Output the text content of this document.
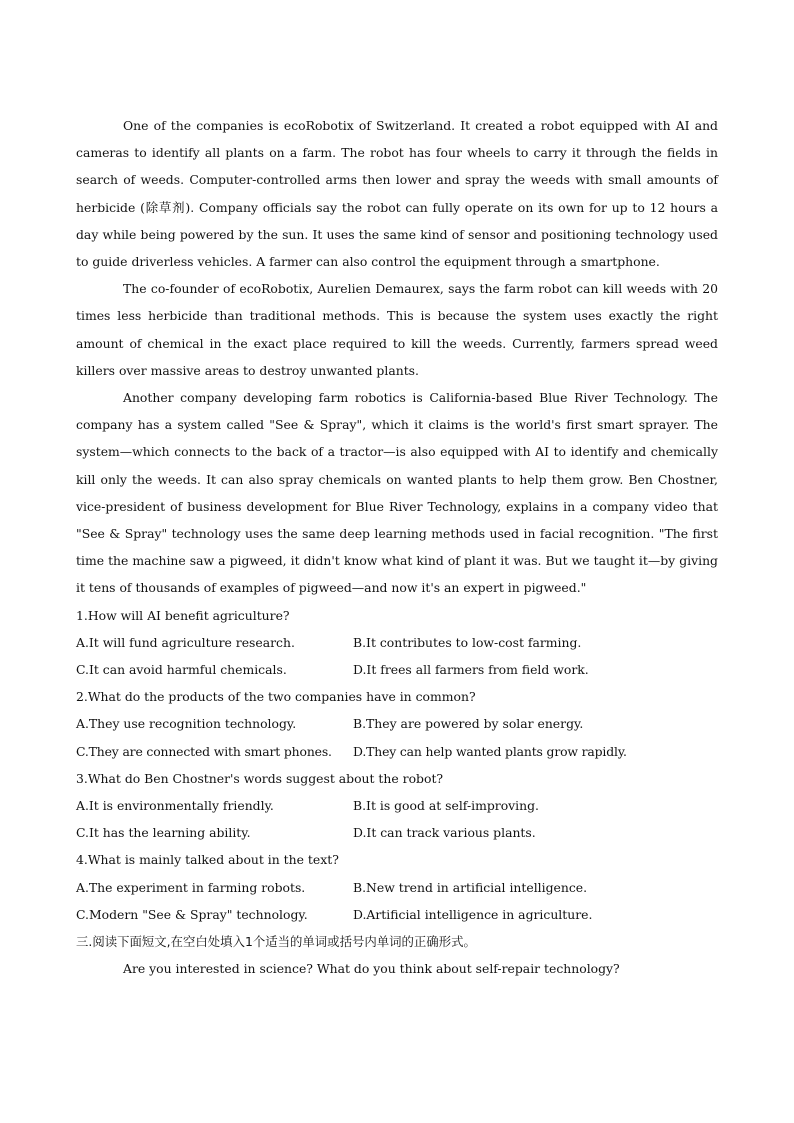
One of the companies is ecoRobotix of Switzerland. It created a robot equipped with AI and cameras to identify all plants on a farm. The robot has four wheels to carry it through the fields in search of weeds. Computer-controlled arms then lower and spray the weeds with small amounts of herbicide (除草剂). Company officials say the robot can fully operate on its own for up to 12 hours a day while being powered by the sun. It uses the same kind of sensor and positioning technology used to guide driverless vehicles. A farmer can also control the equipment through a smartphone.

The co-founder of ecoRobotix, Aurelien Demaurex, says the farm robot can kill weeds with 20 times less herbicide than traditional methods. This is because the system uses exactly the right amount of chemical in the exact place required to kill the weeds. Currently, farmers spread weed killers over massive areas to destroy unwanted plants.

Another company developing farm robotics is California-based Blue River Technology. The company has a system called "See & Spray", which it claims is the world's first smart sprayer. The system—which connects to the back of a tractor—is also equipped with AI to identify and chemically kill only the weeds. It can also spray chemicals on wanted plants to help them grow. Ben Chostner, vice-president of business development for Blue River Technology, explains in a company video that "See & Spray" technology uses the same deep learning methods used in facial recognition. "The first time the machine saw a pigweed, it didn't know what kind of plant it was. But we taught it—by giving it tens of thousands of examples of pigweed—and now it's an expert in pigweed."

1.How will AI benefit agriculture?

A.It will fund agriculture research.	B.It contributes to low-cost farming.

C.It can avoid harmful chemicals.	D.It frees all farmers from field work.

2.What do the products of the two companies have in common?

A.They use recognition technology.	B.They are powered by solar energy.

C.They are connected with smart phones.	D.They can help wanted plants grow rapidly.

3.What do Ben Chostner's words suggest about the robot?

A.It is environmentally friendly.	B.It is good at self-improving.

C.It has the learning ability.	D.It can track various plants.

4.What is mainly talked about in the text?

A.The experiment in farming robots.	B.New trend in artificial intelligence.

C.Modern "See & Spray" technology.	D.Artificial intelligence in agriculture.

三.阅读下面短文,在空白处填入1个适当的单词或括号内单词的正确形式。

Are you interested in science? What do you think about self-repair technology?
